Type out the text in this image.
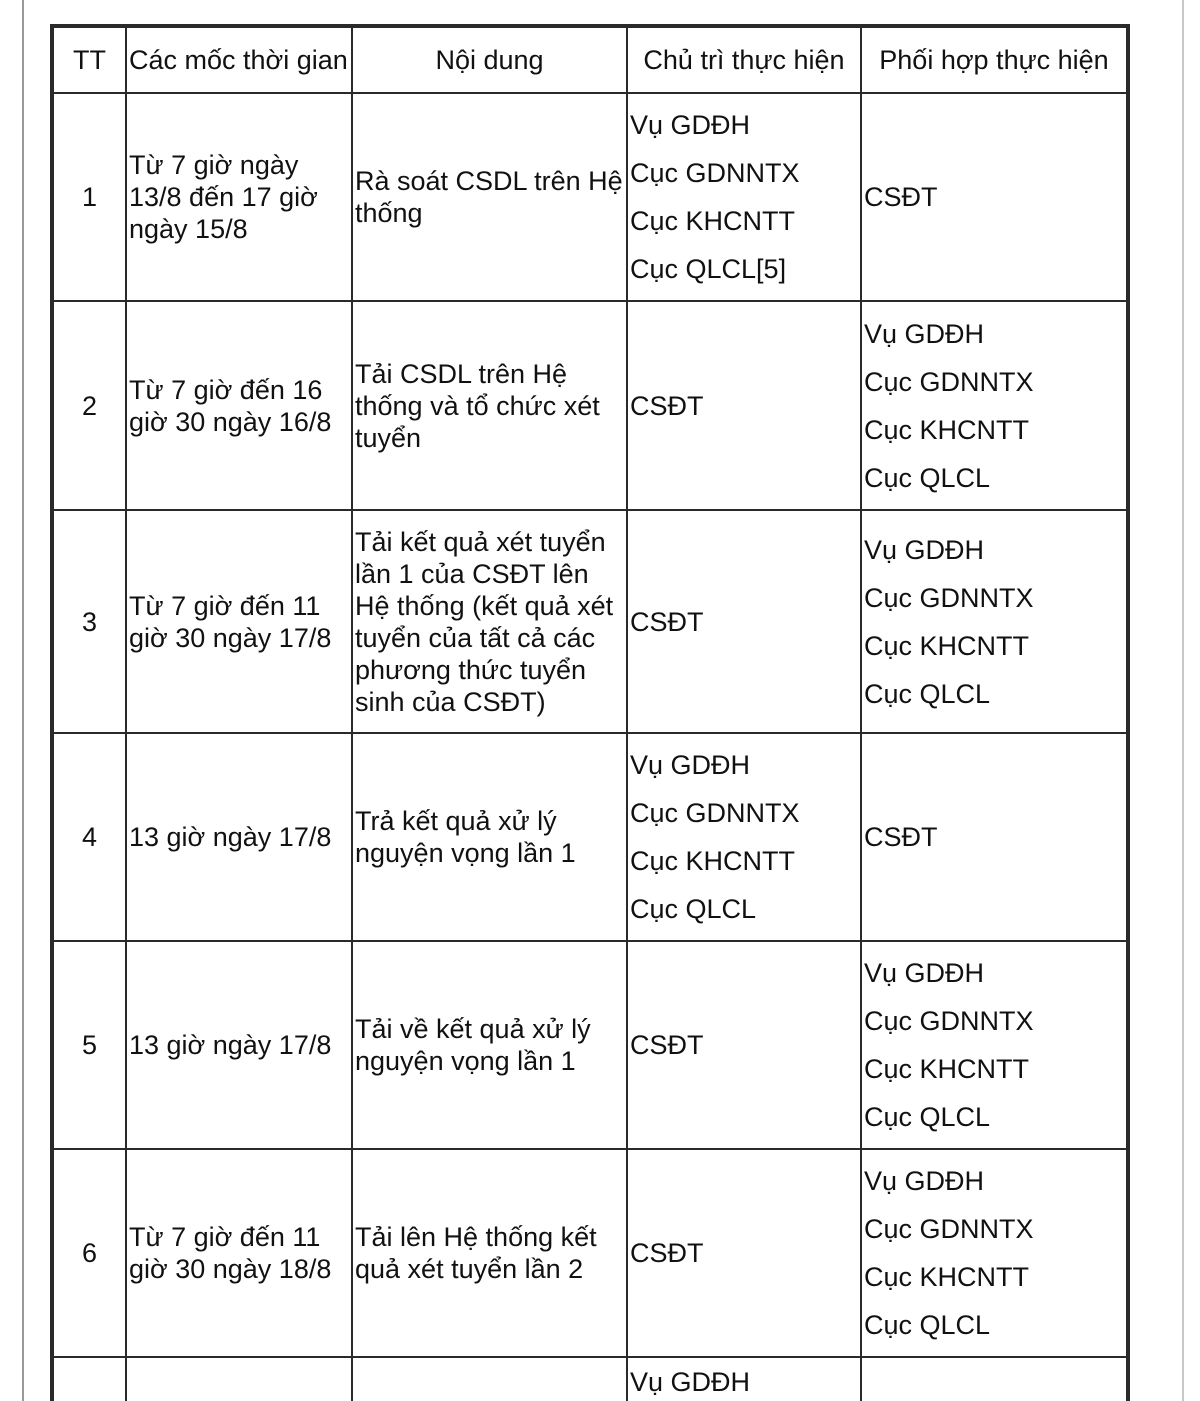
TT	Các mốc thời gian	Nội dung	Chủ trì thực hiện	Phối hợp thực hiện
1	Từ 7 giờ ngày 13/8 đến 17 giờ ngày 15/8	Rà soát CSDL trên Hệ thống	Vụ GDĐH
Cục GDNNTX
Cục KHCNTT
Cục QLCL[5]	CSĐT

2	Từ 7 giờ đến 16 giờ 30 ngày 16/8	Tải CSDL trên Hệ thống và tổ chức xét tuyển	CSĐT	Vụ GDĐH
Cục GDNNTX
Cục KHCNTT
Cục QLCL

3	Từ 7 giờ đến 11 giờ 30 ngày 17/8	Tải kết quả xét tuyển lần 1 của CSĐT lên Hệ thống (kết quả xét tuyển của tất cả các phương thức tuyển sinh của CSĐT)	CSĐT	Vụ GDĐH
Cục GDNNTX
Cục KHCNTT
Cục QLCL

4	13 giờ ngày 17/8	Trả kết quả xử lý nguyện vọng lần 1	Vụ GDĐH
Cục GDNNTX
Cục KHCNTT
Cục QLCL	CSĐT

5	13 giờ ngày 17/8	Tải về kết quả xử lý nguyện vọng lần 1	CSĐT	Vụ GDĐH
Cục GDNNTX
Cục KHCNTT
Cục QLCL

6	Từ 7 giờ đến 11 giờ 30 ngày 18/8	Tải lên Hệ thống kết quả xét tuyển lần 2	CSĐT	Vụ GDĐH
Cục GDNNTX
Cục KHCNTT
Cục QLCL

			Vụ GDĐH	
